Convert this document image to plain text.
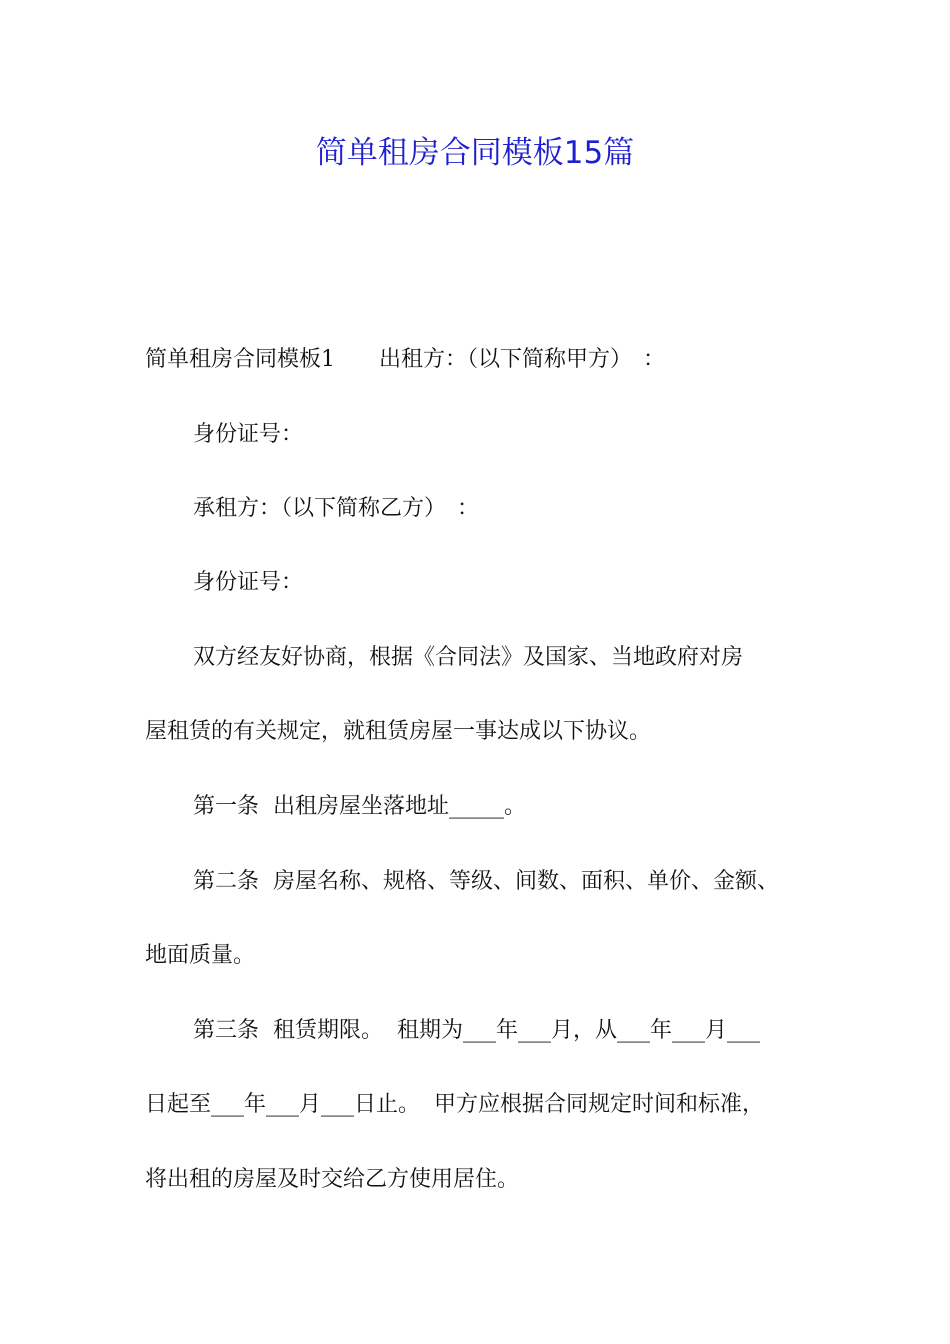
简单租房合同模板15篇

简单租房合同模板1　　出租方：（以下简称甲方）　：

身份证号：

承租方：（以下简称乙方）　：

身份证号：

双方经友好协商，根据《合同法》及国家、当地政府对房

屋租赁的有关规定，就租赁房屋一事达成以下协议。

第一条  出租房屋坐落地址_____。

第二条  房屋名称、规格、等级、间数、面积、单价、金额、

地面质量。

第三条  租赁期限。  租期为___年___月，从___年___月___

日起至___年___月___日止。  甲方应根据合同规定时间和标准，

将出租的房屋及时交给乙方使用居住。
